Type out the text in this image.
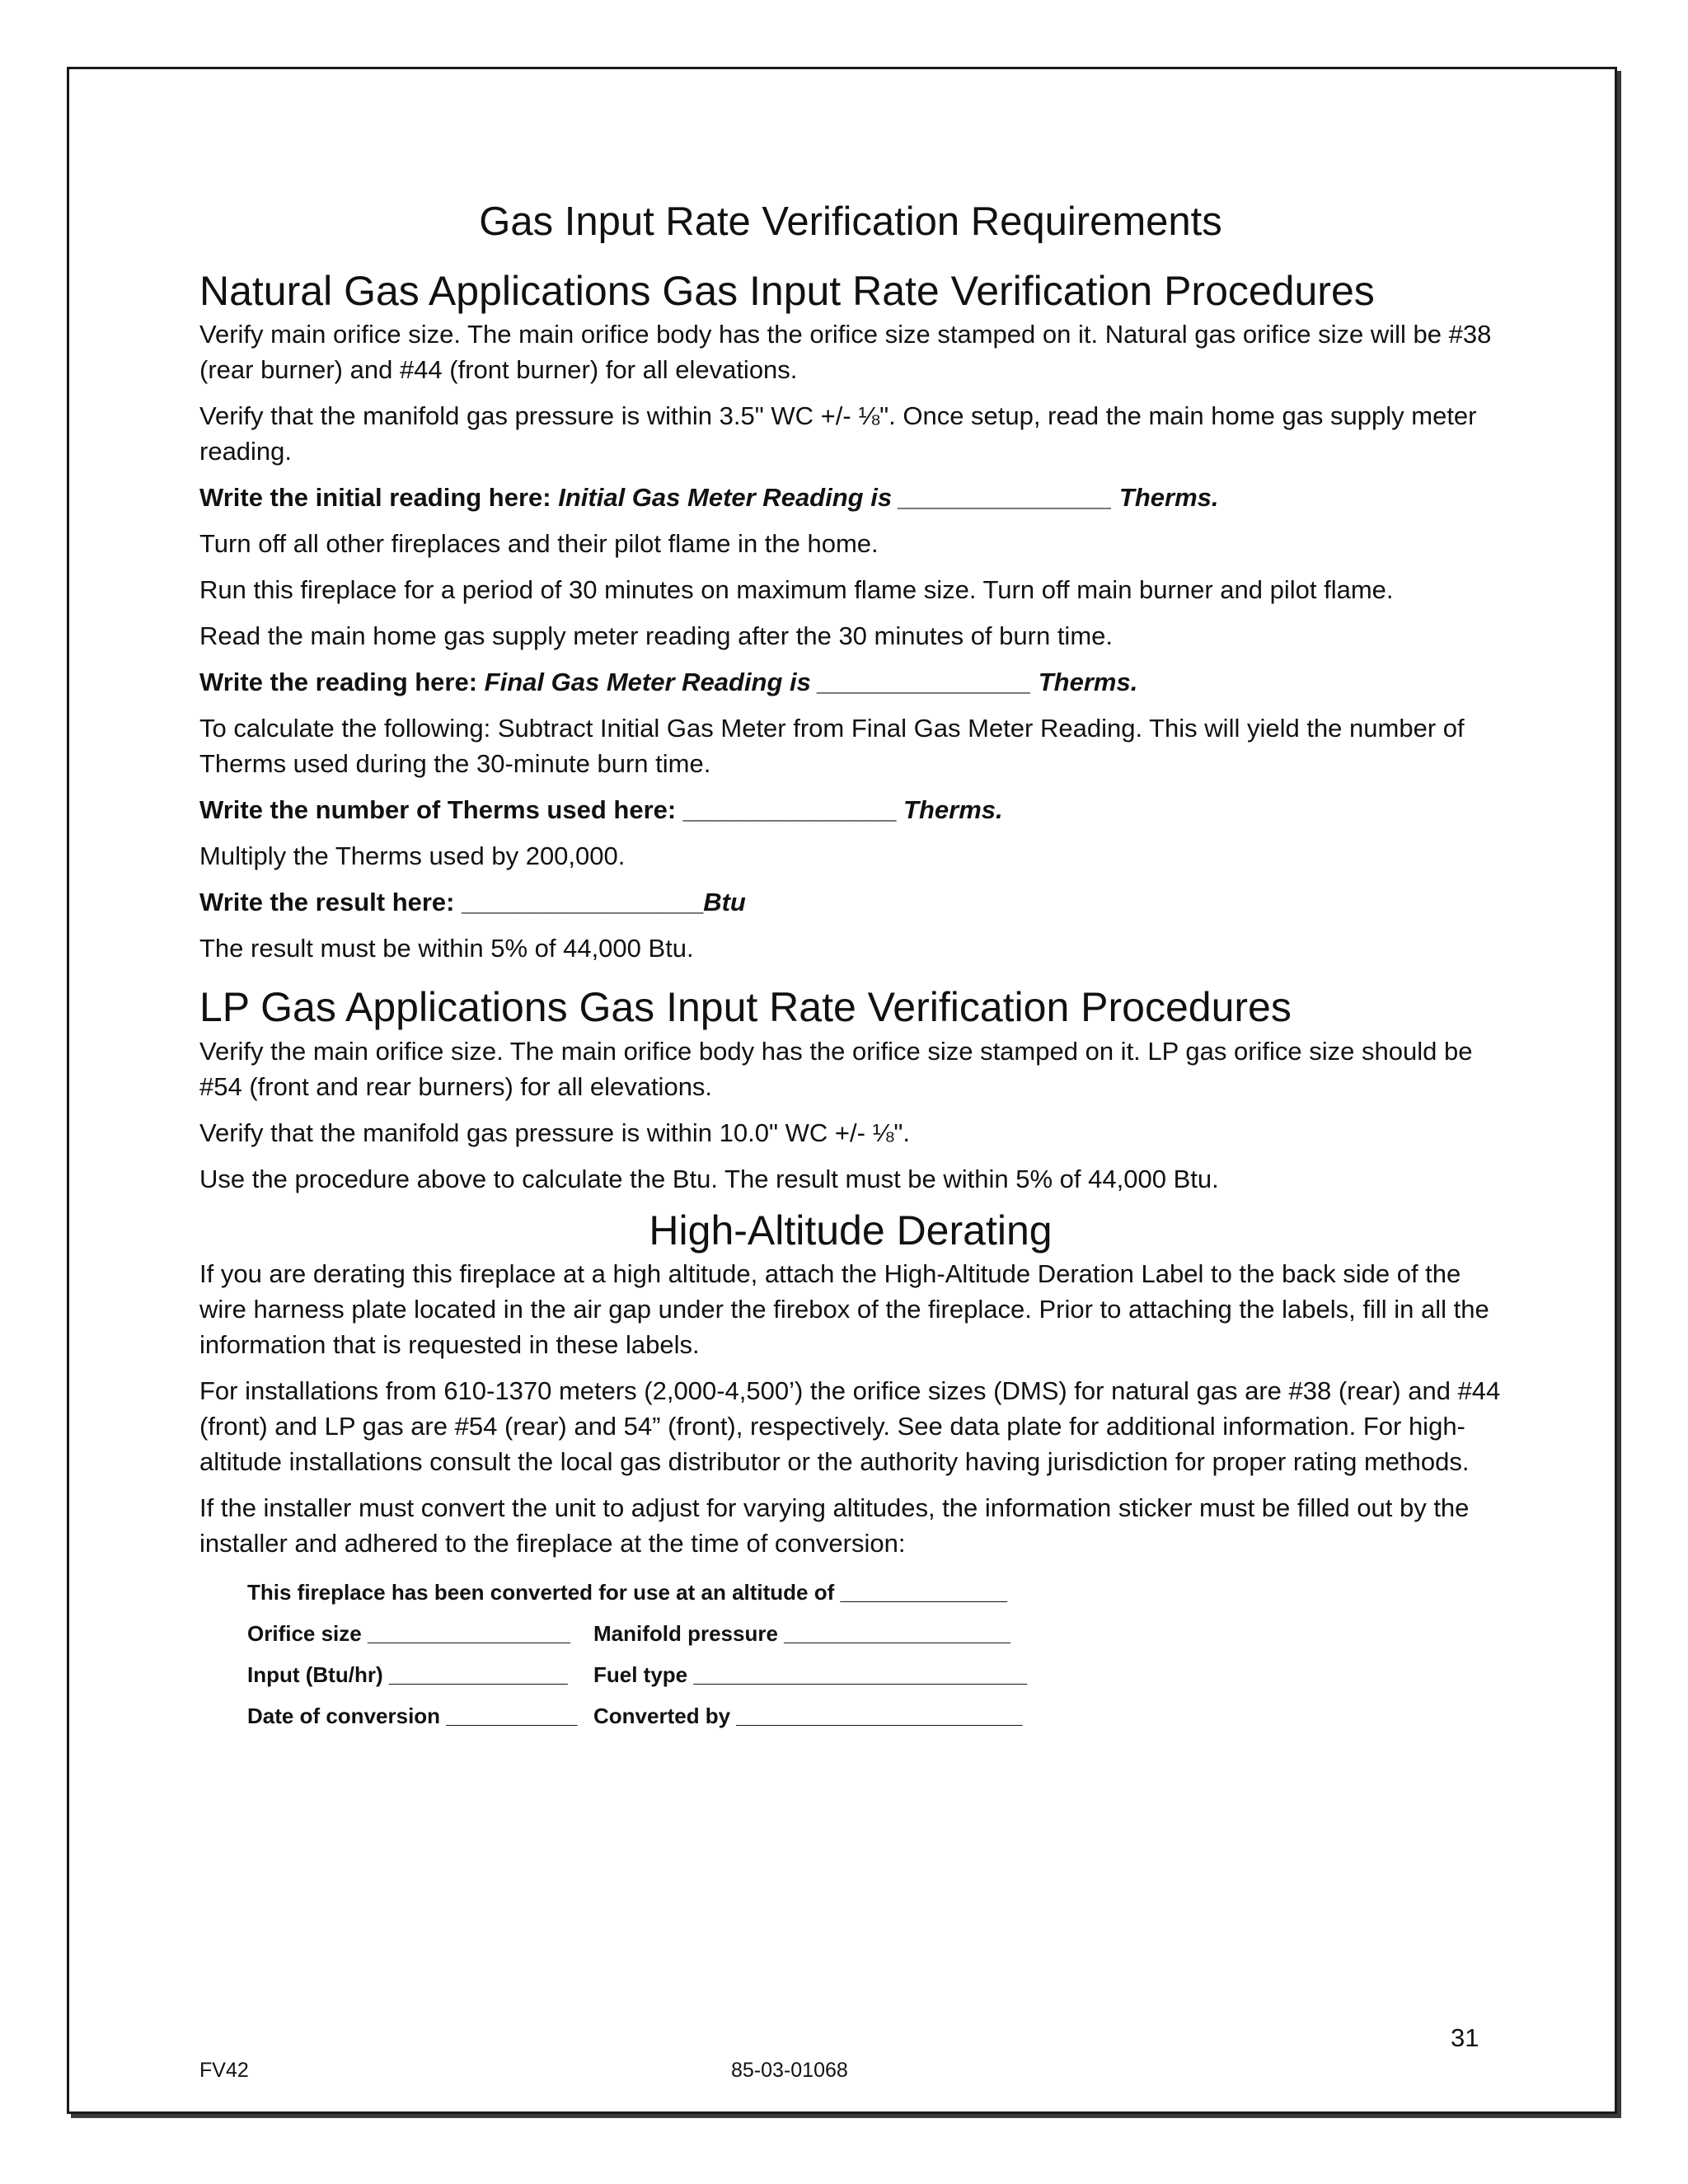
Gas Input Rate Verification Requirements
Natural Gas Applications Gas Input Rate Verification Procedures

Verify main orifice size. The main orifice body has the orifice size stamped on it. Natural gas orifice size will be #38 (rear burner) and #44 (front burner) for all elevations.

Verify that the manifold gas pressure is within 3.5" WC +/- ⅛". Once setup, read the main home gas supply meter reading.

Write the initial reading here: Initial Gas Meter Reading is _______________ Therms.

Turn off all other fireplaces and their pilot flame in the home.

Run this fireplace for a period of 30 minutes on maximum flame size. Turn off main burner and pilot flame.

Read the main home gas supply meter reading after the 30 minutes of burn time.

Write the reading here: Final Gas Meter Reading is _______________ Therms.

To calculate the following: Subtract Initial Gas Meter from Final Gas Meter Reading. This will yield the number of Therms used during the 30-minute burn time.

Write the number of Therms used here: _______________ Therms.

Multiply the Therms used by 200,000.

Write the result here: _________________Btu

The result must be within 5% of 44,000 Btu.

LP Gas Applications Gas Input Rate Verification Procedures

Verify the main orifice size. The main orifice body has the orifice size stamped on it. LP gas orifice size should be #54 (front and rear burners) for all elevations.

Verify that the manifold gas pressure is within 10.0" WC +/- ⅛".

Use the procedure above to calculate the Btu. The result must be within 5% of 44,000 Btu.

High-Altitude Derating

If you are derating this fireplace at a high altitude, attach the High-Altitude Deration Label to the back side of the wire harness plate located in the air gap under the firebox of the fireplace. Prior to attaching the labels, fill in all the information that is requested in these labels.

For installations from 610-1370 meters (2,000-4,500’) the orifice sizes (DMS) for natural gas are #38 (rear) and #44 (front) and LP gas are #54 (rear) and 54” (front), respectively. See data plate for additional information. For high-altitude installations consult the local gas distributor or the authority having jurisdiction for proper rating methods.

If the installer must convert the unit to adjust for varying altitudes, the information sticker must be filled out by the installer and adhered to the fireplace at the time of conversion:

This fireplace has been converted for use at an altitude of ______________
Orifice size _________________ Manifold pressure ___________________
Input (Btu/hr) _______________ Fuel type ____________________________
Date of conversion ___________ Converted by ________________________
31
FV42	85-03-01068
